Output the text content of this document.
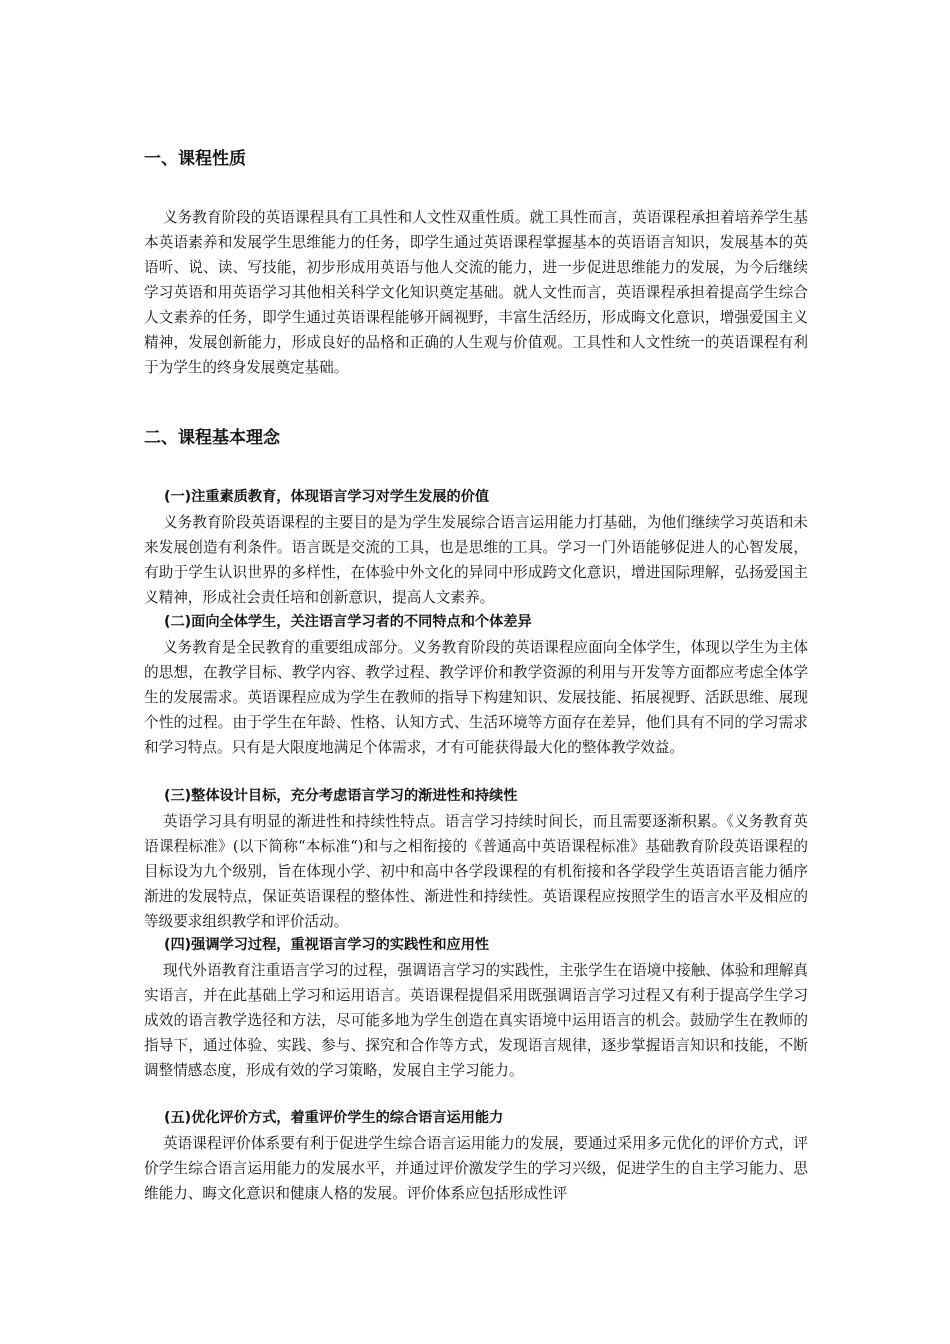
一、课程性质

义务教育阶段的英语课程具有工具性和人文性双重性质。就工具性而言，英语课程承担着培养学生基本英语素养和发展学生思维能力的任务，即学生通过英语课程掌握基本的英语语言知识，发展基本的英语听、说、读、写技能，初步形成用英语与他人交流的能力，进一步促进思维能力的发展，为今后继续学习英语和用英语学习其他相关科学文化知识奠定基础。就人文性而言，英语课程承担着提高学生综合人文素养的任务，即学生通过英语课程能够开阔视野，丰富生活经历，形成晦文化意识，增强爱国主义精神，发展创新能力，形成良好的品格和正确的人生观与价值观。工具性和人文性统一的英语课程有利于为学生的终身发展奠定基础。

二、课程基本理念
(一)注重素质教育，体现语言学习对学生发展的价值

义务教育阶段英语课程的主要目的是为学生发展综合语言运用能力打基础，为他们继续学习英语和未来发展创造有利条件。语言既是交流的工具，也是思维的工具。学习一门外语能够促进人的心智发展，有助于学生认识世界的多样性，在体验中外文化的异同中形成跨文化意识，增进国际理解，弘扬爱国主义精神，形成社会责任培和创新意识，提高人文素养。

(二)面向全体学生，关注语言学习者的不同特点和个体差异

义务教育是全民教育的重要组成部分。义务教育阶段的英语课程应面向全体学生，体现以学生为主体的思想，在教学目标、教学内容、教学过程、教学评价和教学资源的利用与开发等方面都应考虑全体学生的发展需求。英语课程应成为学生在教师的指导下构建知识、发展技能、拓展视野、活跃思维、展现个性的过程。由于学生在年龄、性格、认知方式、生活环境等方面存在差异，他们具有不同的学习需求和学习特点。只有是大限度地满足个体需求，才有可能获得最大化的整体教学效益。

(三)整体设计目标，充分考虑语言学习的渐进性和持续性

英语学习具有明显的渐进性和持续性特点。语言学习持续时间长，而且需要逐渐积累。《义务教育英语课程标准》(以下简称“本标准“)和与之相衔接的《普通高中英语课程标准》基础教育阶段英语课程的目标设为九个级别，旨在体现小学、初中和高中各学段课程的有机衔接和各学段学生英语语言能力循序渐进的发展特点，保证英语课程的整体性、渐进性和持续性。英语课程应按照学生的语言水平及相应的等级要求组织教学和评价活动。

(四)强调学习过程，重视语言学习的实践性和应用性

现代外语教育注重语言学习的过程，强调语言学习的实践性，主张学生在语境中接触、体验和理解真实语言，并在此基础上学习和运用语言。英语课程提倡采用既强调语言学习过程又有利于提高学生学习成效的语言教学选径和方法，尽可能多地为学生创造在真实语境中运用语言的机会。鼓励学生在教师的指导下，通过体验、实践、参与、探究和合作等方式，发现语言规律，逐步掌握语言知识和技能，不断调整情感态度，形成有效的学习策略，发展自主学习能力。

(五)优化评价方式，着重评价学生的综合语言运用能力

英语课程评价体系要有利于促进学生综合语言运用能力的发展，要通过采用多元优化的评价方式，评价学生综合语言运用能力的发展水平，并通过评价激发学生的学习兴级，促进学生的自主学习能力、思维能力、晦文化意识和健康人格的发展。评价体系应包括形成性评
